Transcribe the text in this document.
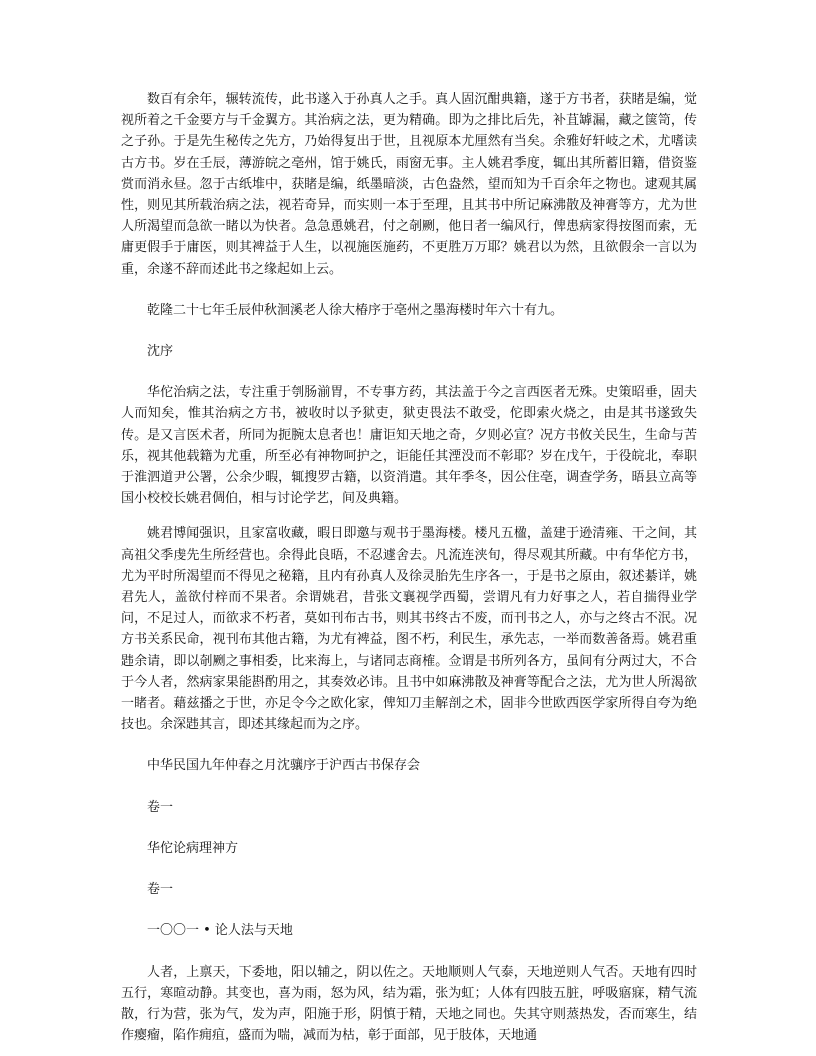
数百有余年，辗转流传，此书遂入于孙真人之手。真人固沉酣典籍，遂于方书者，获睹是编，觉视所着之千金要方与千金翼方。其治病之法，更为精确。即为之排比后先，补苴罅漏，藏之箧笥，传之子孙。于是先生秘传之先方，乃始得复出于世，且视原本尤厘然有当矣。余雅好轩岐之术，尤嗜读古方书。岁在壬辰，薄游皖之亳州，馆于姚氏，雨窗无事。主人姚君季度，辄出其所蓄旧籍，借资鉴赏而消永昼。忽于古纸堆中，获睹是编，纸墨暗淡，古色盎然，望而知为千百余年之物也。逮观其属性，则见其所载治病之法，视若奇异，而实则一本于至理，且其书中所记麻沸散及神膏等方，尤为世人所渴望而急欲一睹以为快者。急急恿姚君，付之剞劂，他日者一编风行，俾患病家得按图而索，无庸更假手于庸医，则其裨益于人生，以视施医施药，不更胜万万耶？姚君以为然，且欲假余一言以为重，余遂不辞而述此书之缘起如上云。

乾隆二十七年壬辰仲秋洄溪老人徐大椿序于亳州之墨海楼时年六十有九。

沈序

华佗治病之法，专注重于刳肠湔胃，不专事方药，其法盖于今之言西医者无殊。史策昭垂，固夫人而知矣，惟其治病之方书，被收时以予狱吏，狱吏畏法不敢受，佗即索火烧之，由是其书遂致失传。是又言医术者，所同为扼腕太息者也！庸讵知天地之奇，夕则必宣？况方书攸关民生，生命与苦乐，视其他载籍为尤重，所至必有神物呵护之，讵能任其湮没而不彰耶？岁在戊午，于役皖北，奉职于淮泗道尹公署，公余少暇，辄搜罗古籍，以资消遣。其年季冬，因公住亳，调查学务，晤县立高等国小校校长姚君倜伯，相与讨论学艺，间及典籍。

姚君博闻强识，且家富收藏，暇日即邀与观书于墨海楼。楼凡五楹，盖建于逊清雍、干之间，其高祖父季虔先生所经营也。余得此良晤，不忍遽舍去。凡流连浃旬，得尽观其所藏。中有华佗方书，尤为平时所渴望而不得见之秘籍，且内有孙真人及徐灵胎先生序各一，于是书之原由，叙述綦详，姚君先人，盖欲付梓而不果者。余谓姚君，昔张文襄视学西蜀，尝谓凡有力好事之人，若自揣得业学问，不足过人，而欲求不朽者，莫如刊布古书，则其书终古不废，而刊书之人，亦与之终古不泯。况方书关系民命，视刊布其他古籍，为尤有裨益，图不朽，利民生，承先志，一举而数善备焉。姚君重韪余请，即以剞劂之事相委，比来海上，与诸同志商榷。佥谓是书所列各方，虽间有分两过大，不合于今人者，然病家果能斟酌用之，其奏效必讳。且书中如麻沸散及神膏等配合之法，尤为世人所渴欲一睹者。藉兹播之于世，亦足令今之欧化家，俾知刀圭解剖之术，固非今世欧西医学家所得自夸为绝技也。余深韪其言，即述其缘起而为之序。

中华民国九年仲春之月沈骧序于沪西古书保存会

卷一

华佗论病理神方

卷一

一〇〇一 • 论人法与天地

人者，上禀天，下委地，阳以辅之，阴以佐之。天地顺则人气泰，天地逆则人气否。天地有四时五行，寒暄动静。其变也，喜为雨，怒为风，结为霜，张为虹；人体有四肢五脏，呼吸寤寐，精气流散，行为营，张为气，发为声，阳施于形，阴慎于精，天地之同也。失其守则蒸热发，否而寒生，结作瘿瘤，陷作痈疽，盛而为喘，减而为枯，彰于面部，见于肢体，天地通
